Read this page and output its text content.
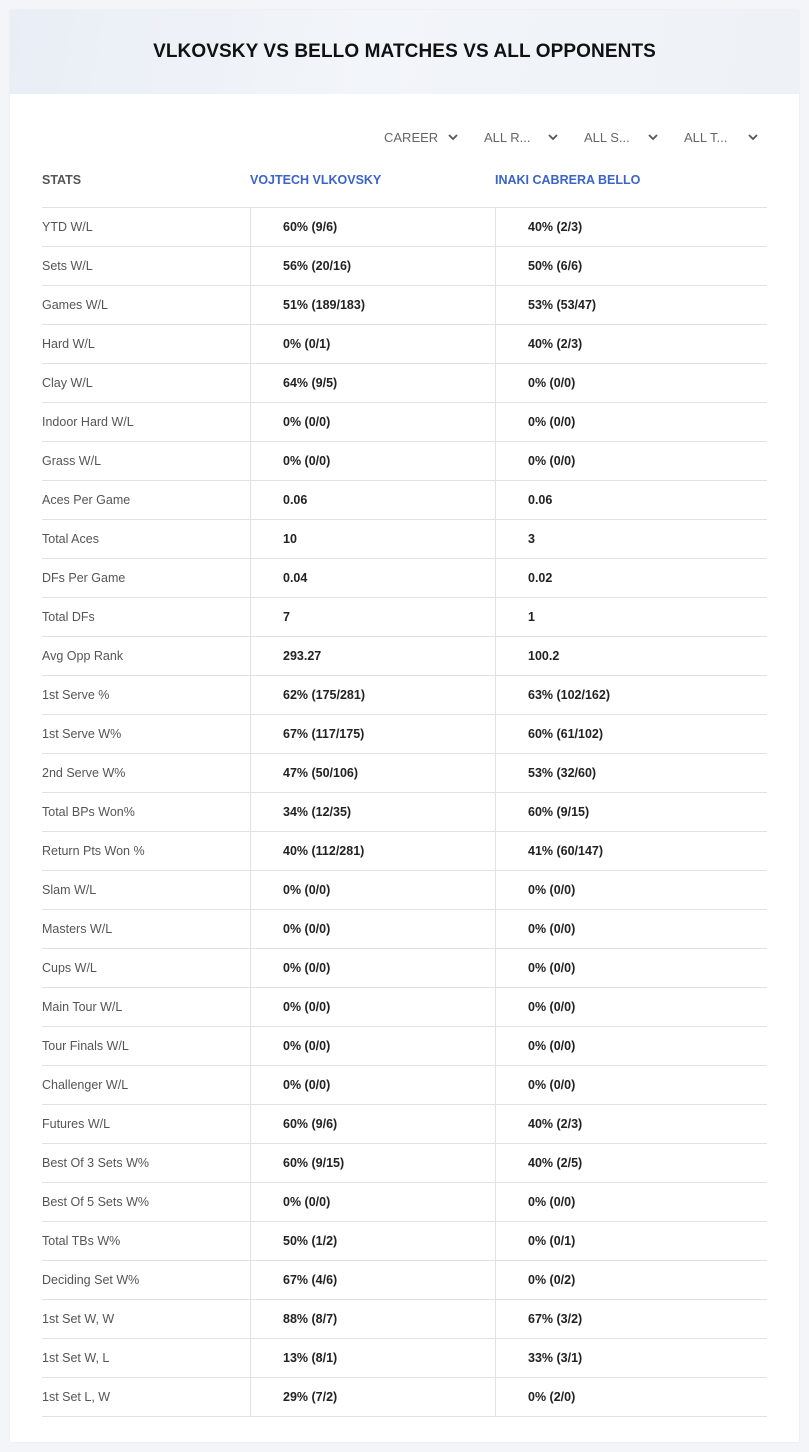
VLKOVSKY VS BELLO MATCHES VS ALL OPPONENTS
CAREER	ALL R...	ALL S...	ALL T...
STATS	VOJTECH VLKOVSKY	INAKI CABRERA BELLO
YTD W/L	60% (9/6)	40% (2/3)
Sets W/L	56% (20/16)	50% (6/6)
Games W/L	51% (189/183)	53% (53/47)
Hard W/L	0% (0/1)	40% (2/3)
Clay W/L	64% (9/5)	0% (0/0)
Indoor Hard W/L	0% (0/0)	0% (0/0)
Grass W/L	0% (0/0)	0% (0/0)
Aces Per Game	0.06	0.06
Total Aces	10	3
DFs Per Game	0.04	0.02
Total DFs	7	1
Avg Opp Rank	293.27	100.2
1st Serve %	62% (175/281)	63% (102/162)
1st Serve W%	67% (117/175)	60% (61/102)
2nd Serve W%	47% (50/106)	53% (32/60)
Total BPs Won%	34% (12/35)	60% (9/15)
Return Pts Won %	40% (112/281)	41% (60/147)
Slam W/L	0% (0/0)	0% (0/0)
Masters W/L	0% (0/0)	0% (0/0)
Cups W/L	0% (0/0)	0% (0/0)
Main Tour W/L	0% (0/0)	0% (0/0)
Tour Finals W/L	0% (0/0)	0% (0/0)
Challenger W/L	0% (0/0)	0% (0/0)
Futures W/L	60% (9/6)	40% (2/3)
Best Of 3 Sets W%	60% (9/15)	40% (2/5)
Best Of 5 Sets W%	0% (0/0)	0% (0/0)
Total TBs W%	50% (1/2)	0% (0/1)
Deciding Set W%	67% (4/6)	0% (0/2)
1st Set W, W	88% (8/7)	67% (3/2)
1st Set W, L	13% (8/1)	33% (3/1)
1st Set L, W	29% (7/2)	0% (2/0)
